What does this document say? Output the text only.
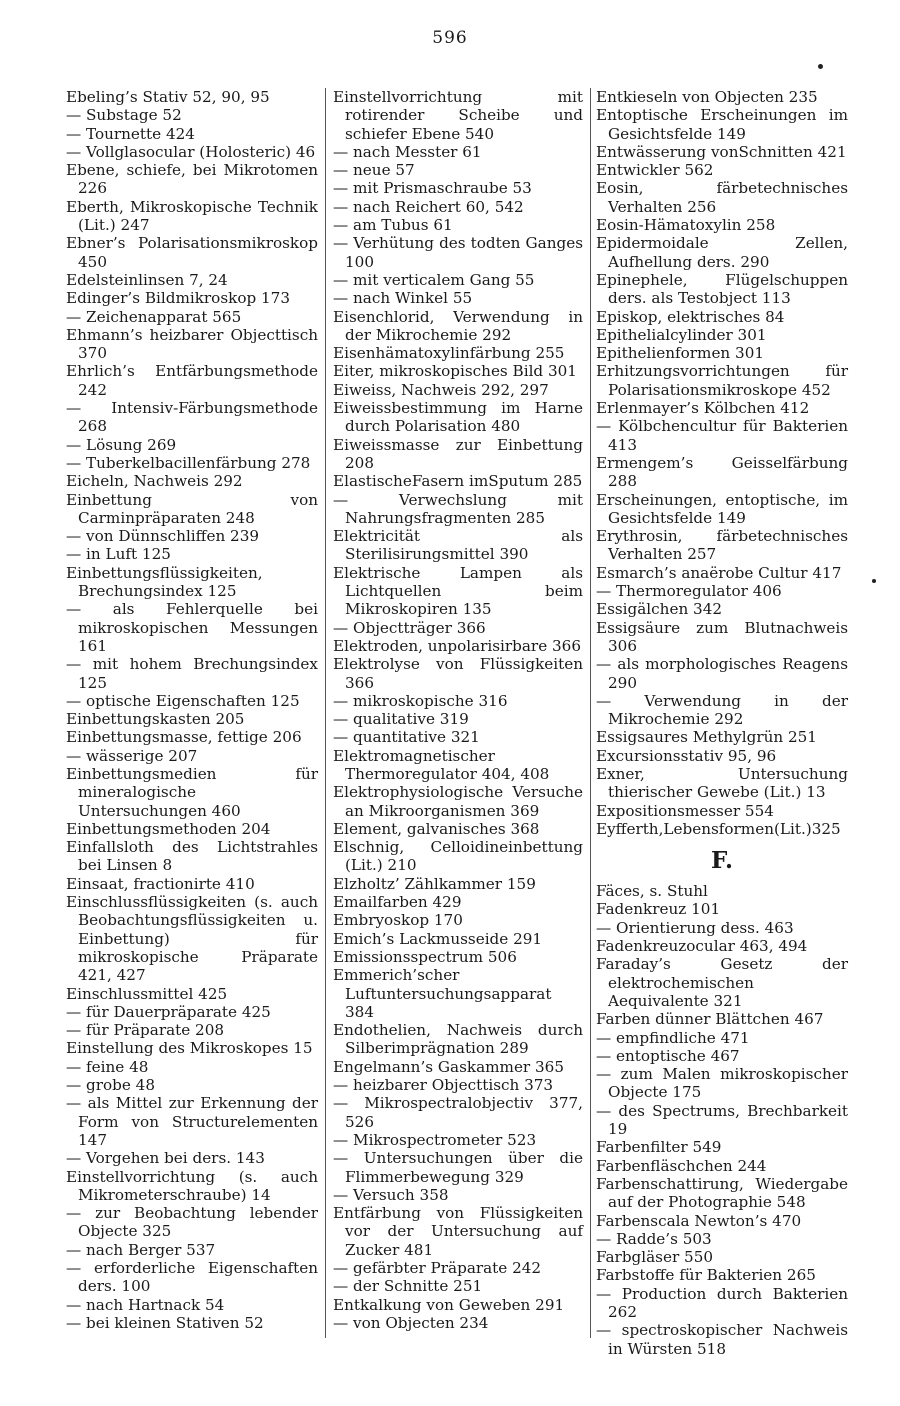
596
Ebeling’s Stativ 52, 90, 95
— Substage 52
— Tournette 424
— Vollglasocular (Holosteric) 46
Ebene, schiefe, bei Mikrotomen 226
Eberth, Mikroskopische Technik (Lit.) 247
Ebner’s Polarisationsmikroskop 450
Edelsteinlinsen 7, 24
Edinger’s Bildmikroskop 173
— Zeichenapparat 565
Ehmann’s heizbarer Objecttisch 370
Ehrlich’s Entfärbungsmethode 242
— Intensiv-Färbungsmethode 268
— Lösung 269
— Tuberkelbacillenfärbung 278
Eicheln, Nachweis 292
Einbettung von Carminpräparaten 248
— von Dünnschliffen 239
— in Luft 125
Einbettungsflüssigkeiten, Brechungsindex 125
— als Fehlerquelle bei mikroskopischen Messungen 161
— mit hohem Brechungsindex 125
— optische Eigenschaften 125
Einbettungskasten 205
Einbettungsmasse, fettige 206
— wässerige 207
Einbettungsmedien für mineralogische Untersuchungen 460
Einbettungsmethoden 204
Einfallsloth des Lichtstrahles bei Linsen 8
Einsaat, fractionirte 410
Einschlussflüssigkeiten (s. auch Beobachtungsflüssigkeiten u. Einbettung) für mikroskopische Präparate 421, 427
Einschlussmittel 425
— für Dauerpräparate 425
— für Präparate 208
Einstellung des Mikroskopes 15
— feine 48
— grobe 48
— als Mittel zur Erkennung der Form von Structurelementen 147
— Vorgehen bei ders. 143
Einstellvorrichtung (s. auch Mikrometerschraube) 14
— zur Beobachtung lebender Objecte 325
— nach Berger 537
— erforderliche Eigenschaften ders. 100
— nach Hartnack 54
— bei kleinen Stativen 52
Einstellvorrichtung mit rotirender Scheibe und schiefer Ebene 540
— nach Messter 61
— neue 57
— mit Prismaschraube 53
— nach Reichert 60, 542
— am Tubus 61
— Verhütung des todten Ganges 100
— mit verticalem Gang 55
— nach Winkel 55
Eisenchlorid, Verwendung in der Mikrochemie 292
Eisenhämatoxylinfärbung 255
Eiter, mikroskopisches Bild 301
Eiweiss, Nachweis 292, 297
Eiweissbestimmung im Harne durch Polarisation 480
Eiweissmasse zur Einbettung 208
ElastischeFasern imSputum 285
— Verwechslung mit Nahrungsfragmenten 285
Elektricität als Sterilisirungsmittel 390
Elektrische Lampen als Lichtquellen beim Mikroskopiren 135
— Objectträger 366
Elektroden, unpolarisirbare 366
Elektrolyse von Flüssigkeiten 366
— mikroskopische 316
— qualitative 319
— quantitative 321
Elektromagnetischer Thermoregulator 404, 408
Elektrophysiologische Versuche an Mikroorganismen 369
Element, galvanisches 368
Elschnig, Celloidineinbettung (Lit.) 210
Elzholtz’ Zählkammer 159
Emailfarben 429
Embryoskop 170
Emich’s Lackmusseide 291
Emissionsspectrum 506
Emmerich’scher Luftuntersuchungsapparat 384
Endothelien, Nachweis durch Silberimprägnation 289
Engelmann’s Gaskammer 365
— heizbarer Objecttisch 373
— Mikrospectralobjectiv 377, 526
— Mikrospectrometer 523
— Untersuchungen über die Flimmerbewegung 329
— Versuch 358
Entfärbung von Flüssigkeiten vor der Untersuchung auf Zucker 481
— gefärbter Präparate 242
— der Schnitte 251
Entkalkung von Geweben 291
— von Objecten 234
Entkieseln von Objecten 235
Entoptische Erscheinungen im Gesichtsfelde 149
Entwässerung vonSchnitten 421
Entwickler 562
Eosin, färbetechnisches Verhalten 256
Eosin-Hämatoxylin 258
Epidermoidale Zellen, Aufhellung ders. 290
Epinephele, Flügelschuppen ders. als Testobject 113
Episkop, elektrisches 84
Epithelialcylinder 301
Epithelienformen 301
Erhitzungsvorrichtungen für Polarisationsmikroskope 452
Erlenmayer’s Kölbchen 412
— Kölbchencultur für Bakterien 413
Ermengem’s Geisselfärbung 288
Erscheinungen, entoptische, im Gesichtsfelde 149
Erythrosin, färbetechnisches Verhalten 257
Esmarch’s anaërobe Cultur 417
— Thermoregulator 406
Essigälchen 342
Essigsäure zum Blutnachweis 306
— als morphologisches Reagens 290
— Verwendung in der Mikrochemie 292
Essigsaures Methylgrün 251
Excursionsstativ 95, 96
Exner, Untersuchung thierischer Gewebe (Lit.) 13
Expositionsmesser 554
Eyfferth,Lebensformen(Lit.)325
F.
Fäces, s. Stuhl
Fadenkreuz 101
— Orientierung dess. 463
Fadenkreuzocular 463, 494
Faraday’s Gesetz der elektrochemischen Aequivalente 321
Farben dünner Blättchen 467
— empfindliche 471
— entoptische 467
— zum Malen mikroskopischer Objecte 175
— des Spectrums, Brechbarkeit 19
Farbenfilter 549
Farbenfläschchen 244
Farbenschattirung, Wiedergabe auf der Photographie 548
Farbenscala Newton’s 470
— Radde’s 503
Farbgläser 550
Farbstoffe für Bakterien 265
— Production durch Bakterien 262
— spectroskopischer Nachweis in Würsten 518
